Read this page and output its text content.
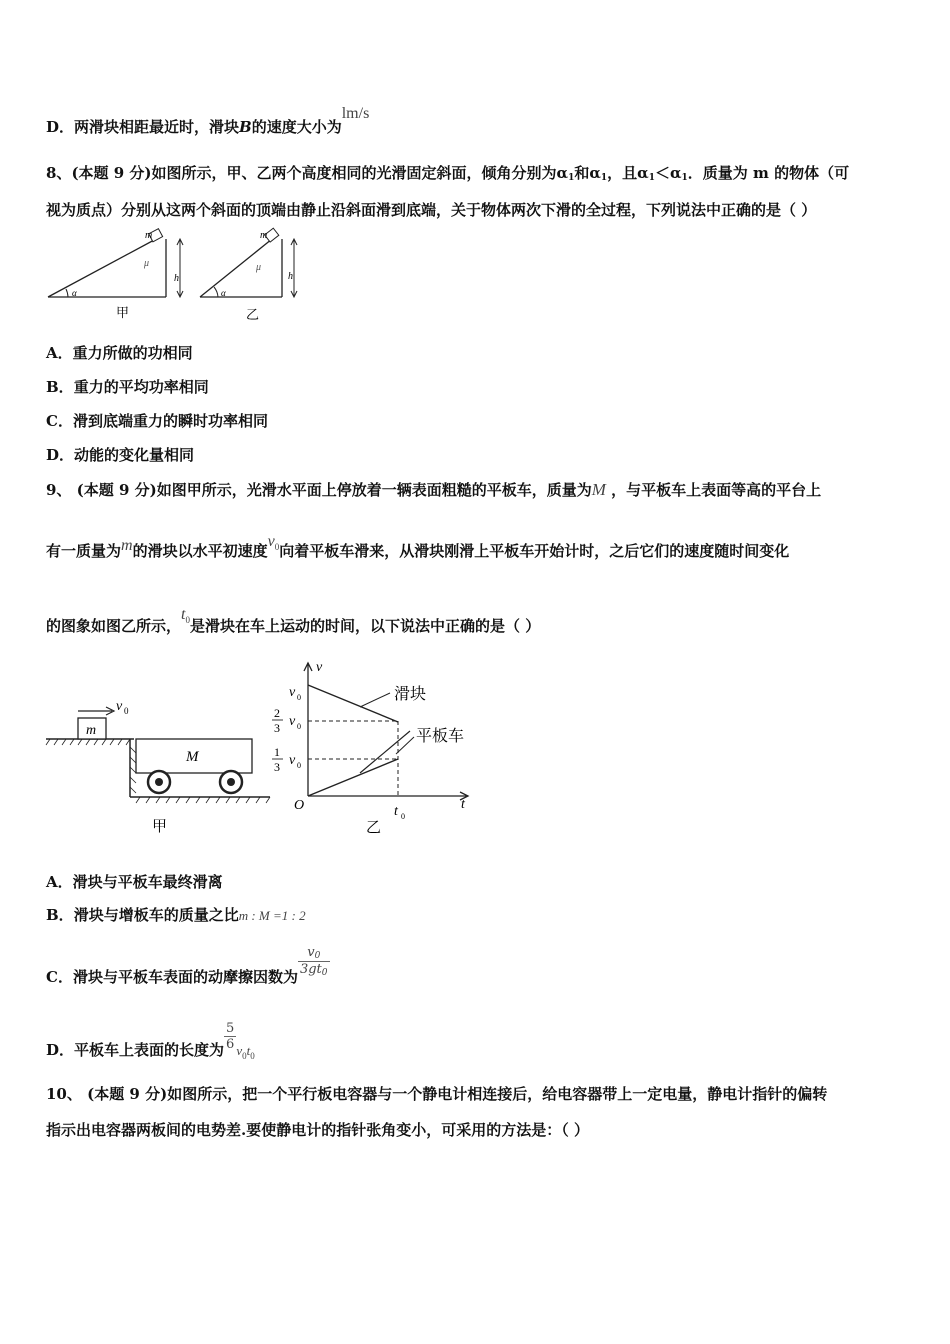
D．两滑块相距最近时，滑块B的速度大小为lm/s
8、(本题 9 分)如图所示，甲、乙两个高度相同的光滑固定斜面，倾角分别为$\alpha_1$和$\alpha_1$，且$\alpha_1<\alpha_1$．质量为 m 的物体（可
视为质点）分别从这两个斜面的顶端由静止沿斜面滑到底端，关于物体两次下滑的全过程，下列说法中正确的是（ ）
m
μ
h
α
甲
m
μ
h
α
乙
A．重力所做的功相同
B．重力的平均功率相同
C．滑到底端重力的瞬时功率相同
D．动能的变化量相同
9、 (本题 9 分)如图甲所示，光滑水平面上停放着一辆表面粗糙的平板车，质量为M ，与平板车上表面等高的平台上
有一质量为m的滑块以水平初速度$v^0$向着平板车滑来，从滑块刚滑上平板车开始计时，之后它们的速度随时间变化
的图象如图乙所示，$t^0$是滑块在车上运动的时间，以下说法中正确的是（ ）
m
v 0
M
甲
v
t
O
v 0
2
3 v 0
1
3 v 0
t 0
滑块
平板车
乙
A．滑块与平板车最终滑离
B．滑块与增板车的质量之比m : M =1 : 2
C．滑块与平板车表面的动摩擦因数为 $\frac{v_0}{3gt_0}$
D．平板车上表面的长度为 $\frac{5}{6} v_0t_0$
10、 (本题 9 分)如图所示，把一个平行板电容器与一个静电计相连接后，给电容器带上一定电量，静电计指针的偏转
指示出电容器两板间的电势差.要使静电计的指针张角变小，可采用的方法是：（ ）
